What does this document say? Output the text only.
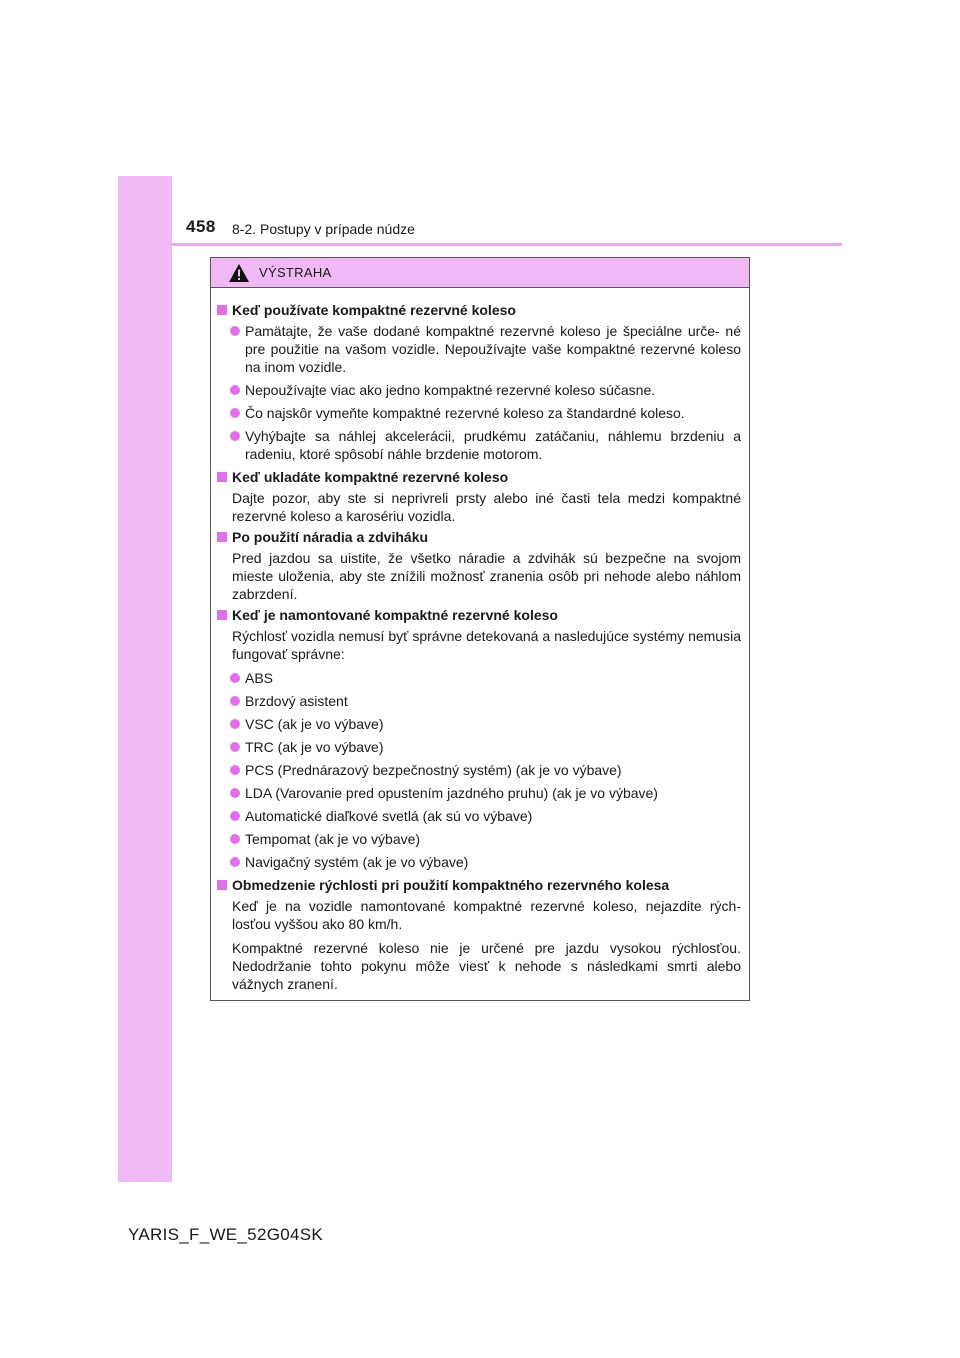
458 8-2. Postupy v prípade núdze
VÝSTRAHA
Keď používate kompaktné rezervné koleso
Pamätajte, že vaše dodané kompaktné rezervné koleso je špeciálne urče- né pre použitie na vašom vozidle. Nepoužívajte vaše kompaktné rezervné koleso na inom vozidle.
Nepoužívajte viac ako jedno kompaktné rezervné koleso súčasne.
Čo najskôr vymeňte kompaktné rezervné koleso za štandardné koleso.
Vyhýbajte sa náhlej akcelerácii, prudkému zatáčaniu, náhlemu brzdeniu a radeniu, ktoré spôsobí náhle brzdenie motorom.
Keď ukladáte kompaktné rezervné koleso
Dajte pozor, aby ste si neprivreli prsty alebo iné časti tela medzi kompaktné rezervné koleso a karosériu vozidla.
Po použití náradia a zdviháku
Pred jazdou sa uistite, že všetko náradie a zdvihák sú bezpečne na svojom mieste uloženia, aby ste znížili možnosť zranenia osôb pri nehode alebo náhlom zabrzdení.
Keď je namontované kompaktné rezervné koleso
Rýchlosť vozidla nemusí byť správne detekovaná a nasledujúce systémy nemusia fungovať správne:
ABS
Brzdový asistent
VSC (ak je vo výbave)
TRC (ak je vo výbave)
PCS (Prednárazový bezpečnostný systém) (ak je vo výbave)
LDA (Varovanie pred opustením jazdného pruhu) (ak je vo výbave)
Automatické diaľkové svetlá (ak sú vo výbave)
Tempomat (ak je vo výbave)
Navigačný systém (ak je vo výbave)
Obmedzenie rýchlosti pri použití kompaktného rezervného kolesa
Keď je na vozidle namontované kompaktné rezervné koleso, nejazdite rých- losťou vyššou ako 80 km/h.
Kompaktné rezervné koleso nie je určené pre jazdu vysokou rýchlosťou. Nedodržanie tohto pokynu môže viesť k nehode s následkami smrti alebo vážnych zranení.
YARIS_F_WE_52G04SK
